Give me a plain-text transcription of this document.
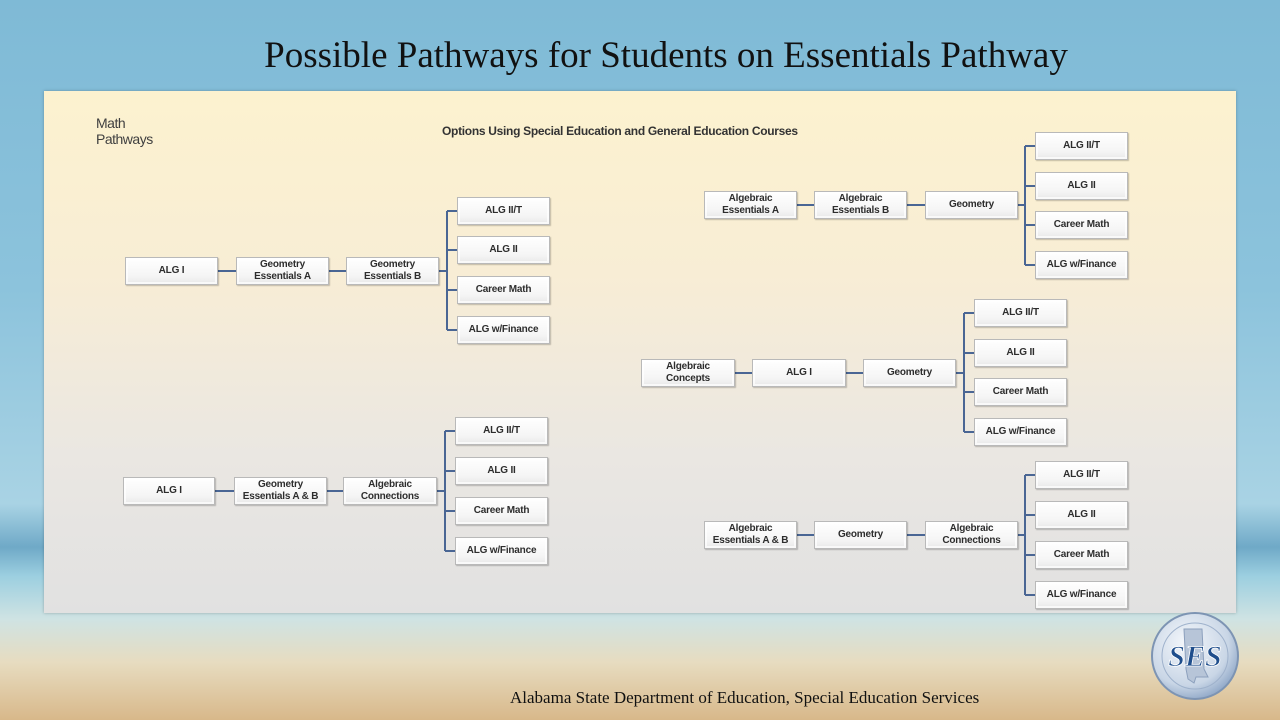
Possible Pathways for Students on Essentials Pathway
Math
Pathways	Options Using Special Education and General Education Courses
ALG I
Geometry Essentials A
Geometry Essentials B
ALG II/T
ALG II
Career Math
ALG w/Finance
ALG I
Geometry Essentials A & B
Algebraic Connections
ALG II/T
ALG II
Career Math
ALG w/Finance
Algebraic Essentials A
Algebraic Essentials B
Geometry
ALG II/T
ALG II
Career Math
ALG w/Finance
Algebraic Concepts
ALG I	Geometry
ALG II/T
ALG II
Career Math
ALG w/Finance
Algebraic Essentials A & B
Geometry
Algebraic Connections
ALG II/T
ALG II
Career Math
ALG w/Finance
Alabama State Department of Education, Special Education Services
SES
